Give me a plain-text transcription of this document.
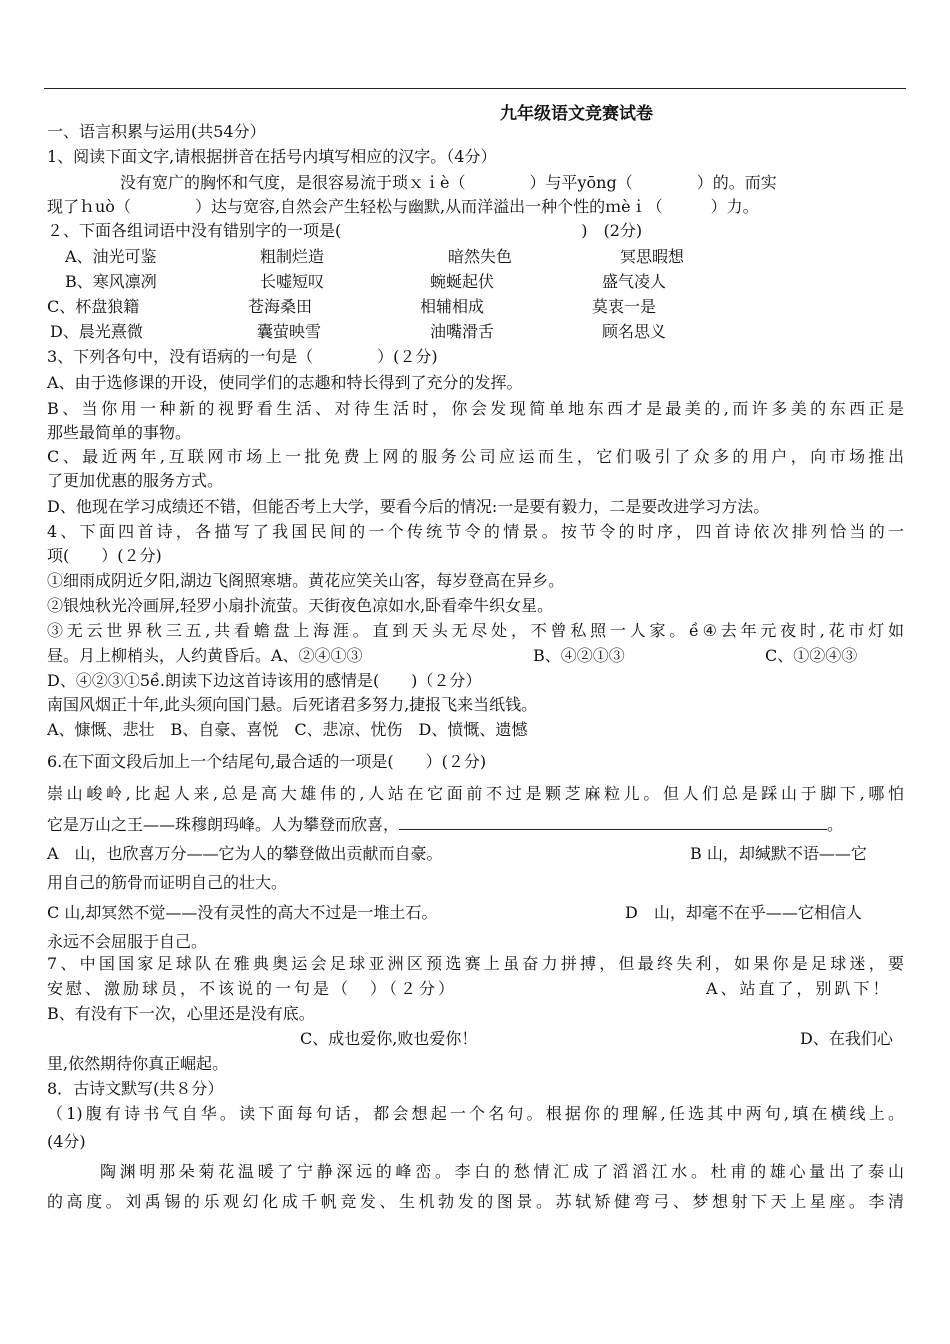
九年级语文竞赛试卷
一、语言积累与运用(共54分）
1、阅读下面文字,请根据拼音在括号内填写相应的汉字。（4分）
没有宽广的胸怀和气度，是很容易流于琐ｘｉè（　　　　）与平yōng（　　　　）的。而实
现了ｈuò（　　　　）达与宽容,自然会产生轻松与幽默,从而洋溢出一种个性的ｍèｉ（　　　）力。
２、下面各组词语中没有错别字的一项是(　　　　　　　　　　　　　　　)　(2分)
A、油光可鉴	粗制烂造	暗然失色	冥思暇想
B、寒风凛冽	长嘘短叹	蜿蜒起伏	盛气凌人
C、杯盘狼籍	苍海桑田	相辅相成	莫衷一是
D、晨光熹微	囊萤映雪	油嘴滑舌	顾名思义
3、下列各句中，没有语病的一句是（　　　　）(２分)
A、由于选修课的开设，使同学们的志趣和特长得到了充分的发挥。
B、当你用一种新的视野看生活、对待生活时，你会发现简单地东西才是最美的,而许多美的东西正是
那些最简单的事物。
C、最近两年,互联网市场上一批免费上网的服务公司应运而生，它们吸引了众多的用户，向市场推出
了更加优惠的服务方式。
D、他现在学习成绩还不错，但能否考上大学，要看今后的情况:一是要有毅力，二是要改进学习方法。
4、下面四首诗，各描写了我国民间的一个传统节令的情景。按节令的时序，四首诗依次排列恰当的一
项(　　）(２分)
①细雨成阴近夕阳,湖边飞阁照寒塘。黄花应笑关山客，每岁登高在异乡。
②银烛秋光冷画屏,轻罗小扇扑流萤。天街夜色凉如水,卧看牵牛织女星。
③无云世界秋三五,共看蟾盘上海涯。直到天头无尽处，不曾私照一人家。ề④去年元夜时,花市灯如
昼。月上柳梢头，人约黄昏后。A、②④①③	B、④②①③	C、①②④③
D、④②③①5ề.朗读下边这首诗该用的感情是(　　)（２分）
南国风烟正十年,此头须向国门悬。后死诸君多努力,捷报飞来当纸钱。
A、慷慨、悲壮　B、自豪、喜悦　C、悲凉、忧伤　D、愤慨、遗憾
6.在下面文段后加上一个结尾句,最合适的一项是(　　）(２分)
崇山峻岭,比起人来,总是高大雄伟的,人站在它面前不过是颗芝麻粒儿。但人们总是踩山于脚下,哪怕
它是万山之王——珠穆朗玛峰。人为攀登而欣喜，	。
A　山，也欣喜万分——它为人的攀登做出贡献而自豪。	B 山，却缄默不语——它
用自己的筋骨而证明自己的壮大。
C 山,却冥然不觉——没有灵性的高大不过是一堆土石。	D　山，却毫不在乎——它相信人
永远不会屈服于自己。
7、中国国家足球队在雅典奥运会足球亚洲区预选赛上虽奋力拼搏，但最终失利，如果你是足球迷，要
安慰、激励球员，不该说的一句是（　）（２分）	A、站直了，别趴下！
B、有没有下一次，心里还是没有底。
C、成也爱你,败也爱你！	D、在我们心
里,依然期待你真正崛起。
8．古诗文默写(共８分）
（1)腹有诗书气自华。读下面每句话，都会想起一个名句。根据你的理解,任选其中两句,填在横线上。
(4分)
陶渊明那朵菊花温暖了宁静深远的峰峦。李白的愁情汇成了滔滔江水。杜甫的雄心量出了泰山
的高度。刘禹锡的乐观幻化成千帆竞发、生机勃发的图景。苏轼矫健弯弓、梦想射下天上星座。李清
